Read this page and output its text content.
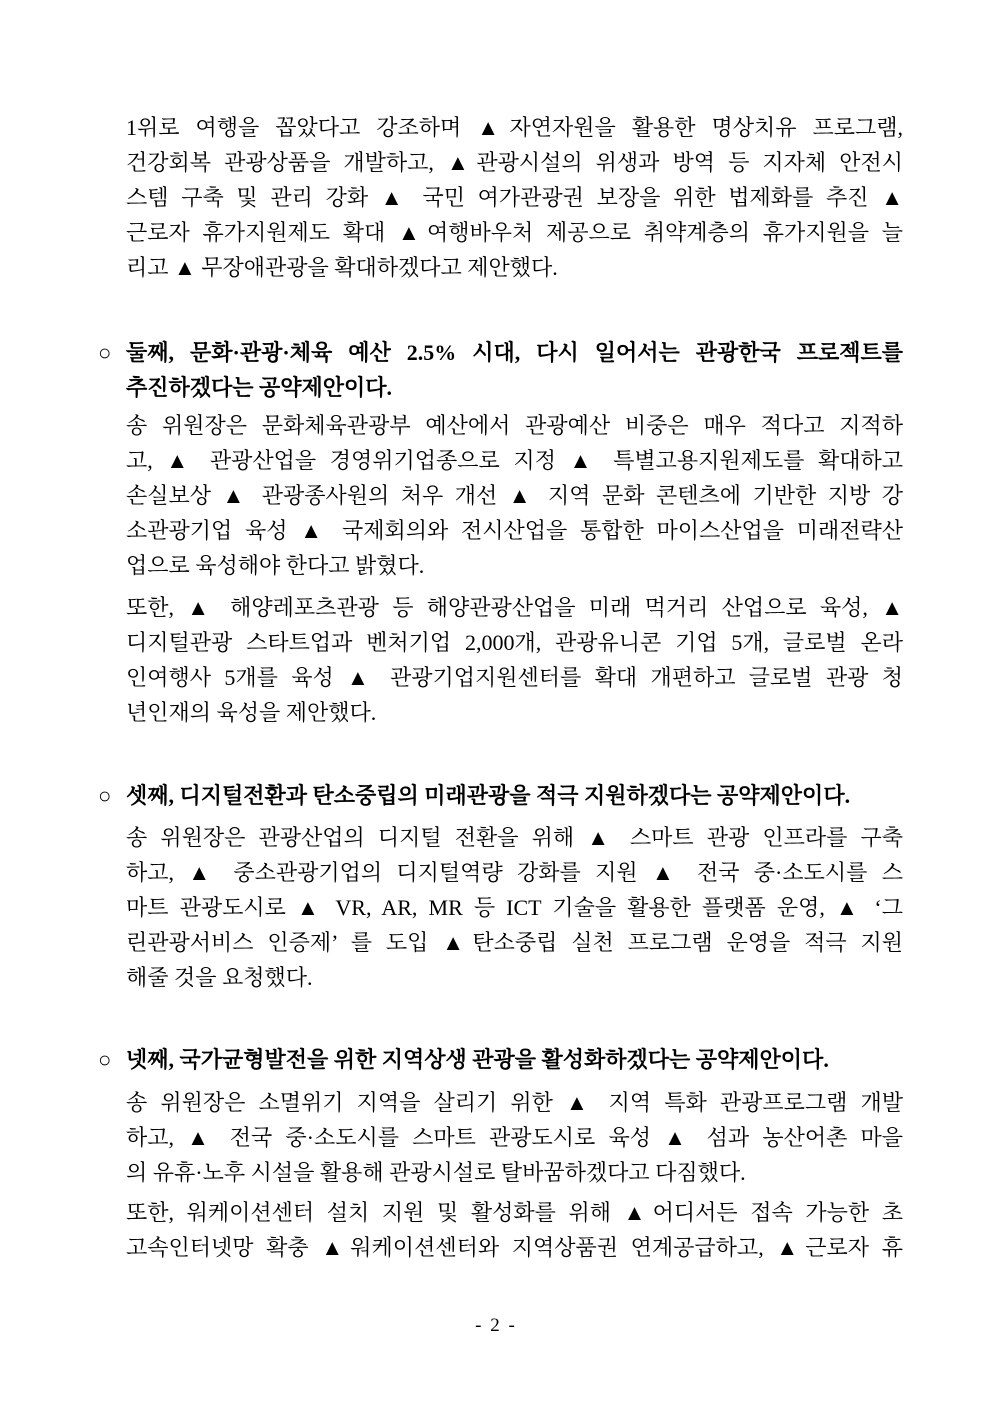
1위로 여행을 꼽았다고 강조하며 ▲자연자원을 활용한 명상치유 프로그램,
건강회복 관광상품을 개발하고, ▲관광시설의 위생과 방역 등 지자체 안전시
스템 구축 및 관리 강화 ▲ 국민 여가관광권 보장을 위한 법제화를 추진 ▲
근로자 휴가지원제도 확대 ▲여행바우처 제공으로 취약계층의 휴가지원을 늘
리고 ▲ 무장애관광을 확대하겠다고 제안했다.
○ 둘째, 문화·관광·체육 예산 2.5% 시대, 다시 일어서는 관광한국 프로젝트를
추진하겠다는 공약제안이다.
송 위원장은 문화체육관광부 예산에서 관광예산 비중은 매우 적다고 지적하
고, ▲ 관광산업을 경영위기업종으로 지정 ▲ 특별고용지원제도를 확대하고
손실보상 ▲ 관광종사원의 처우 개선 ▲ 지역 문화 콘텐츠에 기반한 지방 강
소관광기업 육성 ▲ 국제회의와 전시산업을 통합한 마이스산업을 미래전략산
업으로 육성해야 한다고 밝혔다.
또한, ▲ 해양레포츠관광 등 해양관광산업을 미래 먹거리 산업으로 육성, ▲
디지털관광 스타트업과 벤처기업 2,000개, 관광유니콘 기업 5개, 글로벌 온라
인여행사 5개를 육성 ▲ 관광기업지원센터를 확대 개편하고 글로벌 관광 청
년인재의 육성을 제안했다.
○ 셋째, 디지털전환과 탄소중립의 미래관광을 적극 지원하겠다는 공약제안이다.
송 위원장은 관광산업의 디지털 전환을 위해 ▲ 스마트 관광 인프라를 구축
하고, ▲ 중소관광기업의 디지털역량 강화를 지원 ▲ 전국 중·소도시를 스
마트 관광도시로 ▲ VR, AR, MR 등 ICT 기술을 활용한 플랫폼 운영, ▲ ‘그
린관광서비스 인증제’ 를 도입 ▲탄소중립 실천 프로그램 운영을 적극 지원
해줄 것을 요청했다.
○ 넷째, 국가균형발전을 위한 지역상생 관광을 활성화하겠다는 공약제안이다.
송 위원장은 소멸위기 지역을 살리기 위한 ▲ 지역 특화 관광프로그램 개발
하고, ▲ 전국 중·소도시를 스마트 관광도시로 육성 ▲ 섬과 농산어촌 마을
의 유휴·노후 시설을 활용해 관광시설로 탈바꿈하겠다고 다짐했다.
또한, 워케이션센터 설치 지원 및 활성화를 위해 ▲어디서든 접속 가능한 초
고속인터넷망 확충 ▲워케이션센터와 지역상품권 연계공급하고, ▲근로자 휴
- 2 -
